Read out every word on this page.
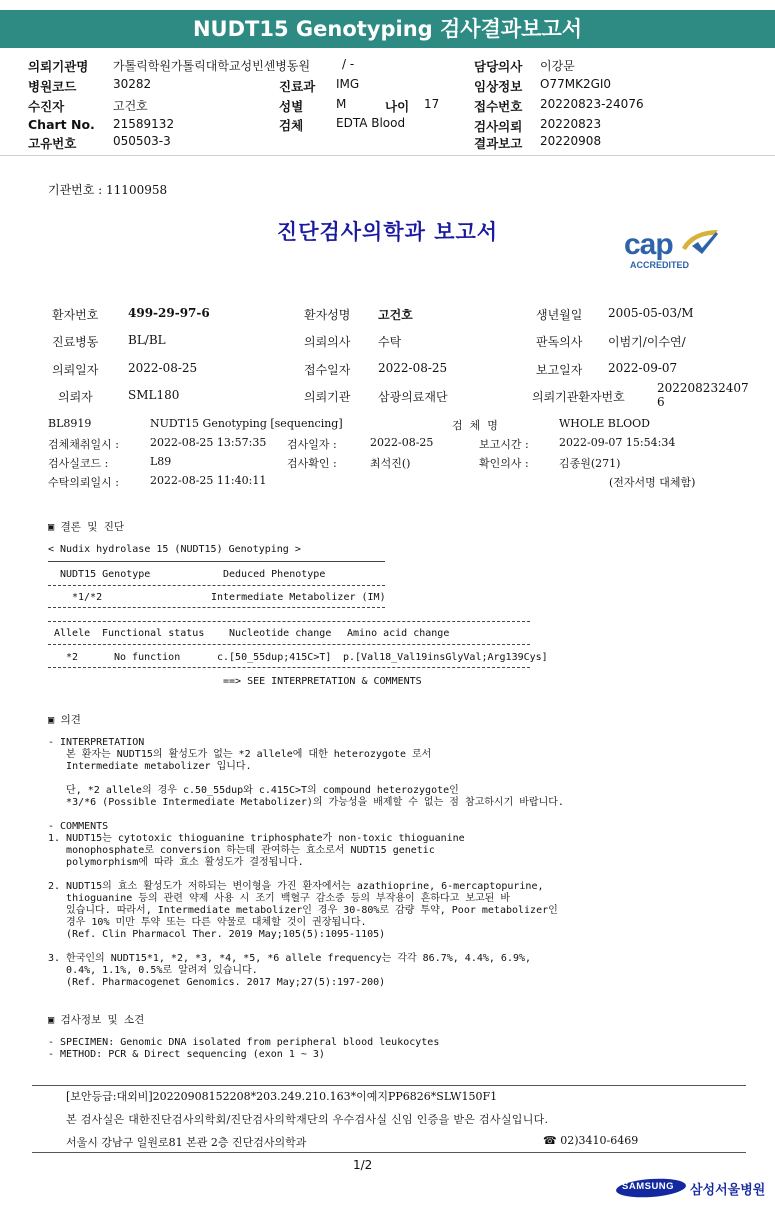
NUDT15 Genotyping 검사결과보고서
의뢰기관명 가톨릭학원가톨릭대학교성빈센병동원	/ -	담당의사 이강문
병원코드	30282	진료과 IMG	임상정보 O77MK2GI0
수진자	고건호	성별	M	나이 17	접수번호 20220823-24076
Chart No. 21589132	검체	EDTA Blood	검사의뢰 20220823
고유번호	050503-3	결과보고 20220908
기관번호 : 11100958
진단검사의학과 보고서	cap
ACCREDITED
환자번호 499-29-97-6	환자성명 고건호	생년월일 2005-05-03/M
진료병동 BL/BL	의뢰의사 수탁	판독의사 이범기/이수연/
의뢰일자 2022-08-25	접수일자 2022-08-25	보고일자 2022-09-07
의뢰자	SML180	의뢰기관 삼광의료재단	의뢰기관환자번호
202208232407
6
BL8919	NUDT15 Genotyping [sequencing]	검  체  명	WHOLE BLOOD
검체채취일시 :	2022-08-25 13:57:35 검사일자 :	2022-08-25	보고시간 :	2022-09-07 15:54:34
검사실코드 :	L89	검사확인 :	최석진()	확인의사 :	김종원(271)
수탁의뢰일시 :	2022-08-25 11:40:11	(전자서명 대체함)
▣ 결론 및 진단
< Nudix hydrolase 15 (NUDT15) Genotyping >
NUDT15 Genotype	Deduced Phenotype
*1/*2	Intermediate Metabolizer (IM)
Allele Functional status Nucleotide change Amino acid change
*2	No function	c.[50_55dup;415C>T] p.[Val18_Val19insGlyVal;Arg139Cys]
==> SEE INTERPRETATION & COMMENTS
▣ 의견
- INTERPRETATION
본 환자는 NUDT15의 활성도가 없는 *2 allele에 대한 heterozygote 로서
Intermediate metabolizer 입니다.
단, *2 allele의 경우 c.50_55dup와 c.415C>T의 compound heterozygote인
*3/*6 (Possible Intermediate Metabolizer)의 가능성을 배제할 수 없는 점 참고하시기 바랍니다.
- COMMENTS
1. NUDT15는 cytotoxic thioguanine triphosphate가 non-toxic thioguanine
monophosphate로 conversion 하는데 관여하는 효소로서 NUDT15 genetic
polymorphism에 따라 효소 활성도가 결정됩니다.
2. NUDT15의 효소 활성도가 저하되는 변이형을 가진 환자에서는 azathioprine, 6-mercaptopurine,
thioguanine 등의 관련 약제 사용 시 조기 백혈구 감소증 등의 부작용이 흔하다고 보고된 바
있습니다. 따라서, Intermediate metabolizer인 경우 30-80%로 감량 투약, Poor metabolizer인
경우 10% 미만 투약 또는 다른 약물로 대체할 것이 권장됩니다.
(Ref. Clin Pharmacol Ther. 2019 May;105(5):1095-1105)
3. 한국인의 NUDT15*1, *2, *3, *4, *5, *6 allele frequency는 각각 86.7%, 4.4%, 6.9%,
0.4%, 1.1%, 0.5%로 알려져 있습니다.
(Ref. Pharmacogenet Genomics. 2017 May;27(5):197-200)
▣ 검사정보 및 소견
- SPECIMEN: Genomic DNA isolated from peripheral blood leukocytes
- METHOD: PCR & Direct sequencing (exon 1 ~ 3)
[보안등급:대외비]20220908152208*203.249.210.163*이예지PP6826*SLW150F1
본 검사실은 대한진단검사의학회/진단검사의학재단의 우수검사실 신임 인증을 받은 검사실입니다.
서울시 강남구 일원로81 본관 2층 진단검사의학과	☎ 02)3410-6469
1/2
SAMSUNG 삼성서울병원
